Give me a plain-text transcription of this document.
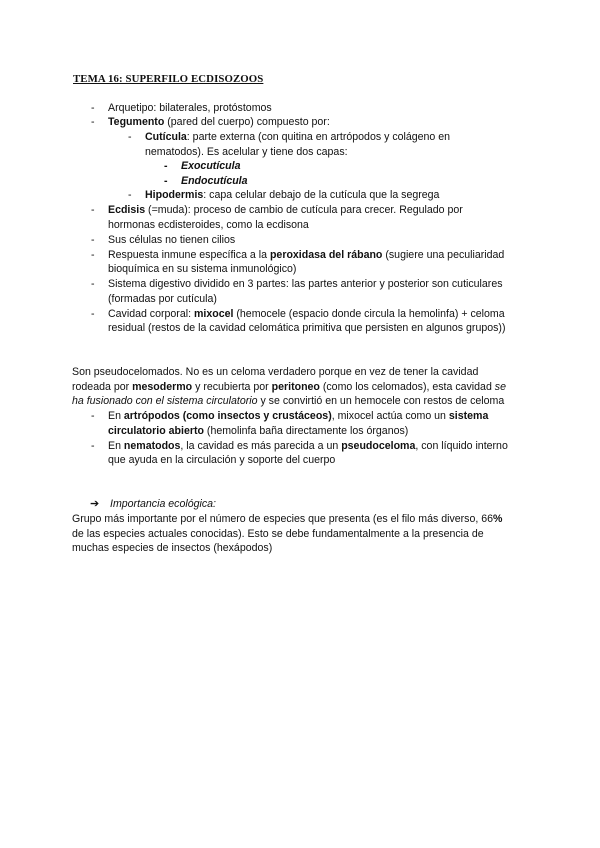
TEMA 16: SUPERFILO ECDISOZOOS
- Arquetipo: bilaterales, protóstomos
- Tegumento (pared del cuerpo) compuesto por:
- Cutícula: parte externa (con quitina en artrópodos y colágeno en
nematodos). Es acelular y tiene dos capas:
- Exocutícula
- Endocutícula
- Hipodermis: capa celular debajo de la cutícula que la segrega
- Ecdisis (=muda): proceso de cambio de cutícula para crecer. Regulado por
hormonas ecdisteroides, como la ecdisona
- Sus células no tienen cilios
- Respuesta inmune específica a la peroxidasa del rábano (sugiere una peculiaridad
bioquímica en su sistema inmunológico)
- Sistema digestivo dividido en 3 partes: las partes anterior y posterior son cuticulares
(formadas por cutícula)
- Cavidad corporal: mixocel (hemocele (espacio donde circula la hemolinfa) + celoma
residual (restos de la cavidad celomática primitiva que persisten en algunos grupos))
Son pseudocelomados. No es un celoma verdadero porque en vez de tener la cavidad
rodeada por mesodermo y recubierta por peritoneo (como los celomados), esta cavidad se
ha fusionado con el sistema circulatorio y se convirtió en un hemocele con restos de celoma
- En artrópodos (como insectos y crustáceos), mixocel actúa como un sistema
circulatorio abierto (hemolinfa baña directamente los órganos)
- En nematodos, la cavidad es más parecida a un pseudoceloma, con líquido interno
que ayuda en la circulación y soporte del cuerpo
➔ Importancia ecológica:
Grupo más importante por el número de especies que presenta (es el filo más diverso, 66%
de las especies actuales conocidas). Esto se debe fundamentalmente a la presencia de
muchas especies de insectos (hexápodos)
